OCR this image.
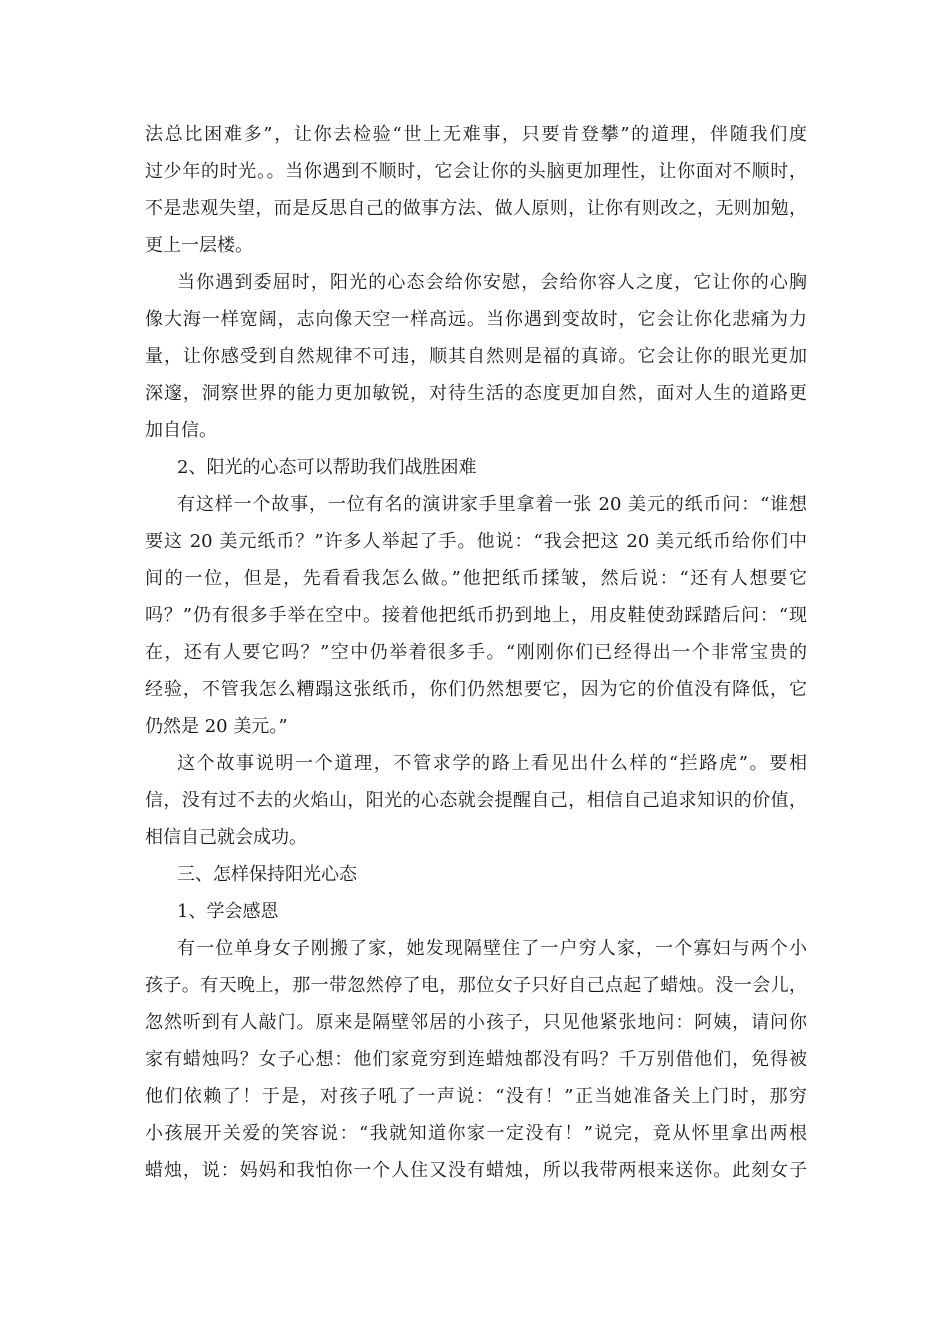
法总比困难多”，让你去检验“世上无难事，只要肯登攀”的道理，伴随我们度
过少年的时光。。当你遇到不顺时，它会让你的头脑更加理性，让你面对不顺时，
不是悲观失望，而是反思自己的做事方法、做人原则，让你有则改之，无则加勉，
更上一层楼。
当你遇到委屈时，阳光的心态会给你安慰，会给你容人之度，它让你的心胸
像大海一样宽阔，志向像天空一样高远。当你遇到变故时，它会让你化悲痛为力
量，让你感受到自然规律不可违，顺其自然则是福的真谛。它会让你的眼光更加
深邃，洞察世界的能力更加敏锐，对待生活的态度更加自然，面对人生的道路更
加自信。
2、阳光的心态可以帮助我们战胜困难
有这样一个故事，一位有名的演讲家手里拿着一张 20 美元的纸币问：“谁想
要这 20 美元纸币？”许多人举起了手。他说：“我会把这 20 美元纸币给你们中
间的一位，但是，先看看我怎么做。”他把纸币揉皱，然后说：“还有人想要它
吗？”仍有很多手举在空中。接着他把纸币扔到地上，用皮鞋使劲踩踏后问：“现
在，还有人要它吗？”空中仍举着很多手。“刚刚你们已经得出一个非常宝贵的
经验，不管我怎么糟蹋这张纸币，你们仍然想要它，因为它的价值没有降低，它
仍然是 20 美元。”
这个故事说明一个道理，不管求学的路上看见出什么样的“拦路虎”。要相
信，没有过不去的火焰山，阳光的心态就会提醒自己，相信自己追求知识的价值，
相信自己就会成功。
三、怎样保持阳光心态
1、学会感恩
有一位单身女子刚搬了家，她发现隔壁住了一户穷人家，一个寡妇与两个小
孩子。有天晚上，那一带忽然停了电，那位女子只好自己点起了蜡烛。没一会儿，
忽然听到有人敲门。原来是隔壁邻居的小孩子，只见他紧张地问：阿姨，请问你
家有蜡烛吗？女子心想：他们家竟穷到连蜡烛都没有吗？千万别借他们，免得被
他们依赖了！于是，对孩子吼了一声说：“没有！”正当她准备关上门时，那穷
小孩展开关爱的笑容说：“我就知道你家一定没有！”说完，竟从怀里拿出两根
蜡烛，说：妈妈和我怕你一个人住又没有蜡烛，所以我带两根来送你。此刻女子
